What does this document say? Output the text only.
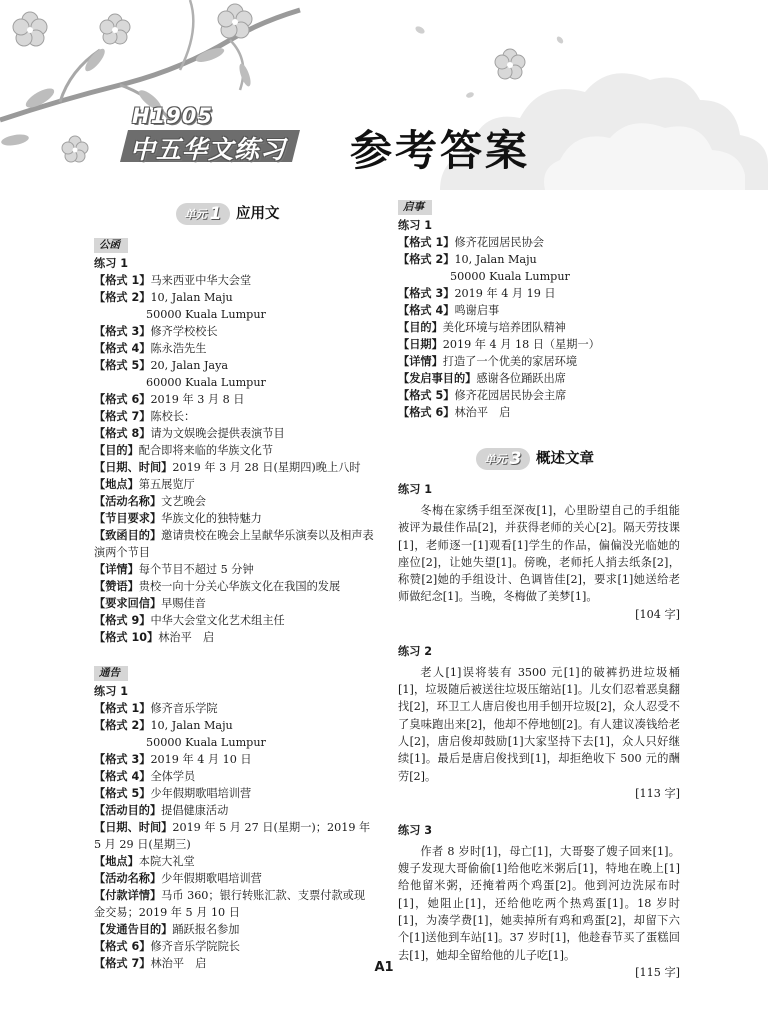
H1905
中五华文练习 参考答案
单元 1 应用文
公函
练习 1
【格式 1】马来西亚中华大会堂
【格式 2】10, Jalan Maju
50000 Kuala Lumpur
【格式 3】修齐学校校长
【格式 4】陈永浩先生
【格式 5】20, Jalan Jaya
60000 Kuala Lumpur
【格式 6】2019 年 3 月 8 日
【格式 7】陈校长：
【格式 8】请为文娱晚会提供表演节目
【目的】配合即将来临的华族文化节
【日期、时间】2019 年 3 月 28 日(星期四)晚上八时
【地点】第五展览厅
【活动名称】文艺晚会
【节目要求】华族文化的独特魅力
【致函目的】邀请贵校在晚会上呈献华乐演奏以及相声表演两个节目
【详情】每个节目不超过 5 分钟
【赞语】贵校一向十分关心华族文化在我国的发展
【要求回信】早赐佳音
【格式 9】中华大会堂文化艺术组主任
【格式 10】林治平　启
通告
练习 1
【格式 1】修齐音乐学院
【格式 2】10, Jalan Maju
50000 Kuala Lumpur
【格式 3】2019 年 4 月 10 日
【格式 4】全体学员
【格式 5】少年假期歌唱培训营
【活动目的】提倡健康活动
【日期、时间】2019 年 5 月 27 日(星期一)；2019 年 5 月 29 日(星期三)
【地点】本院大礼堂
【活动名称】少年假期歌唱培训营
【付款详情】马币 360；银行转账汇款、支票付款或现金交易；2019 年 5 月 10 日
【发通告目的】踊跃报名参加
【格式 6】修齐音乐学院院长
【格式 7】林治平　启
启事
练习 1
【格式 1】修齐花园居民协会
【格式 2】10, Jalan Maju
50000 Kuala Lumpur
【格式 3】2019 年 4 月 19 日
【格式 4】鸣谢启事
【目的】美化环境与培养团队精神
【日期】2019 年 4 月 18 日（星期一）
【详情】打造了一个优美的家居环境
【发启事目的】感谢各位踊跃出席
【格式 5】修齐花园居民协会主席
【格式 6】林治平　启
单元 3 概述文章
练习 1

冬梅在家绣手组至深夜[1]，心里盼望自己的手组能被评为最佳作品[2]，并获得老师的关心[2]。隔天劳技课[1]，老师逐一[1]观看[1]学生的作品，偏偏没光临她的座位[2]，让她失望[1]。傍晚，老师托人捎去纸条[2]，称赞[2]她的手组设计、色调皆佳[2]，要求[1]她送给老师做纪念[1]。当晚，冬梅做了美梦[1]。

[104 字]
练习 2

老人[1]误将装有 3500 元[1]的破裤扔进垃圾桶[1]，垃圾随后被送往垃圾压缩站[1]。儿女们忍着恶臭翻找[2]，环卫工人唐启俊也用手刨开垃圾[2]，众人忍受不了臭味跑出来[2]，他却不停地刨[2]。有人建议凑钱给老人[2]，唐启俊却鼓励[1]大家坚持下去[1]，众人只好继续[1]。最后是唐启俊找到[1]，却拒绝收下 500 元的酬劳[2]。

[113 字]
练习 3

作者 8 岁时[1]，母亡[1]，大哥娶了嫂子回来[1]。嫂子发现大哥偷偷[1]给他吃米粥后[1]，特地在晚上[1]给他留米粥，还掩着两个鸡蛋[2]。他到河边洗尿布时[1]，她阻止[1]，还给他吃两个热鸡蛋[1]。18 岁时[1]，为凑学费[1]，她卖掉所有鸡和鸡蛋[2]，却留下六个[1]送他到车站[1]。37 岁时[1]，他趁春节买了蛋糕回去[1]，她却全留给他的儿子吃[1]。

[115 字]
A1
